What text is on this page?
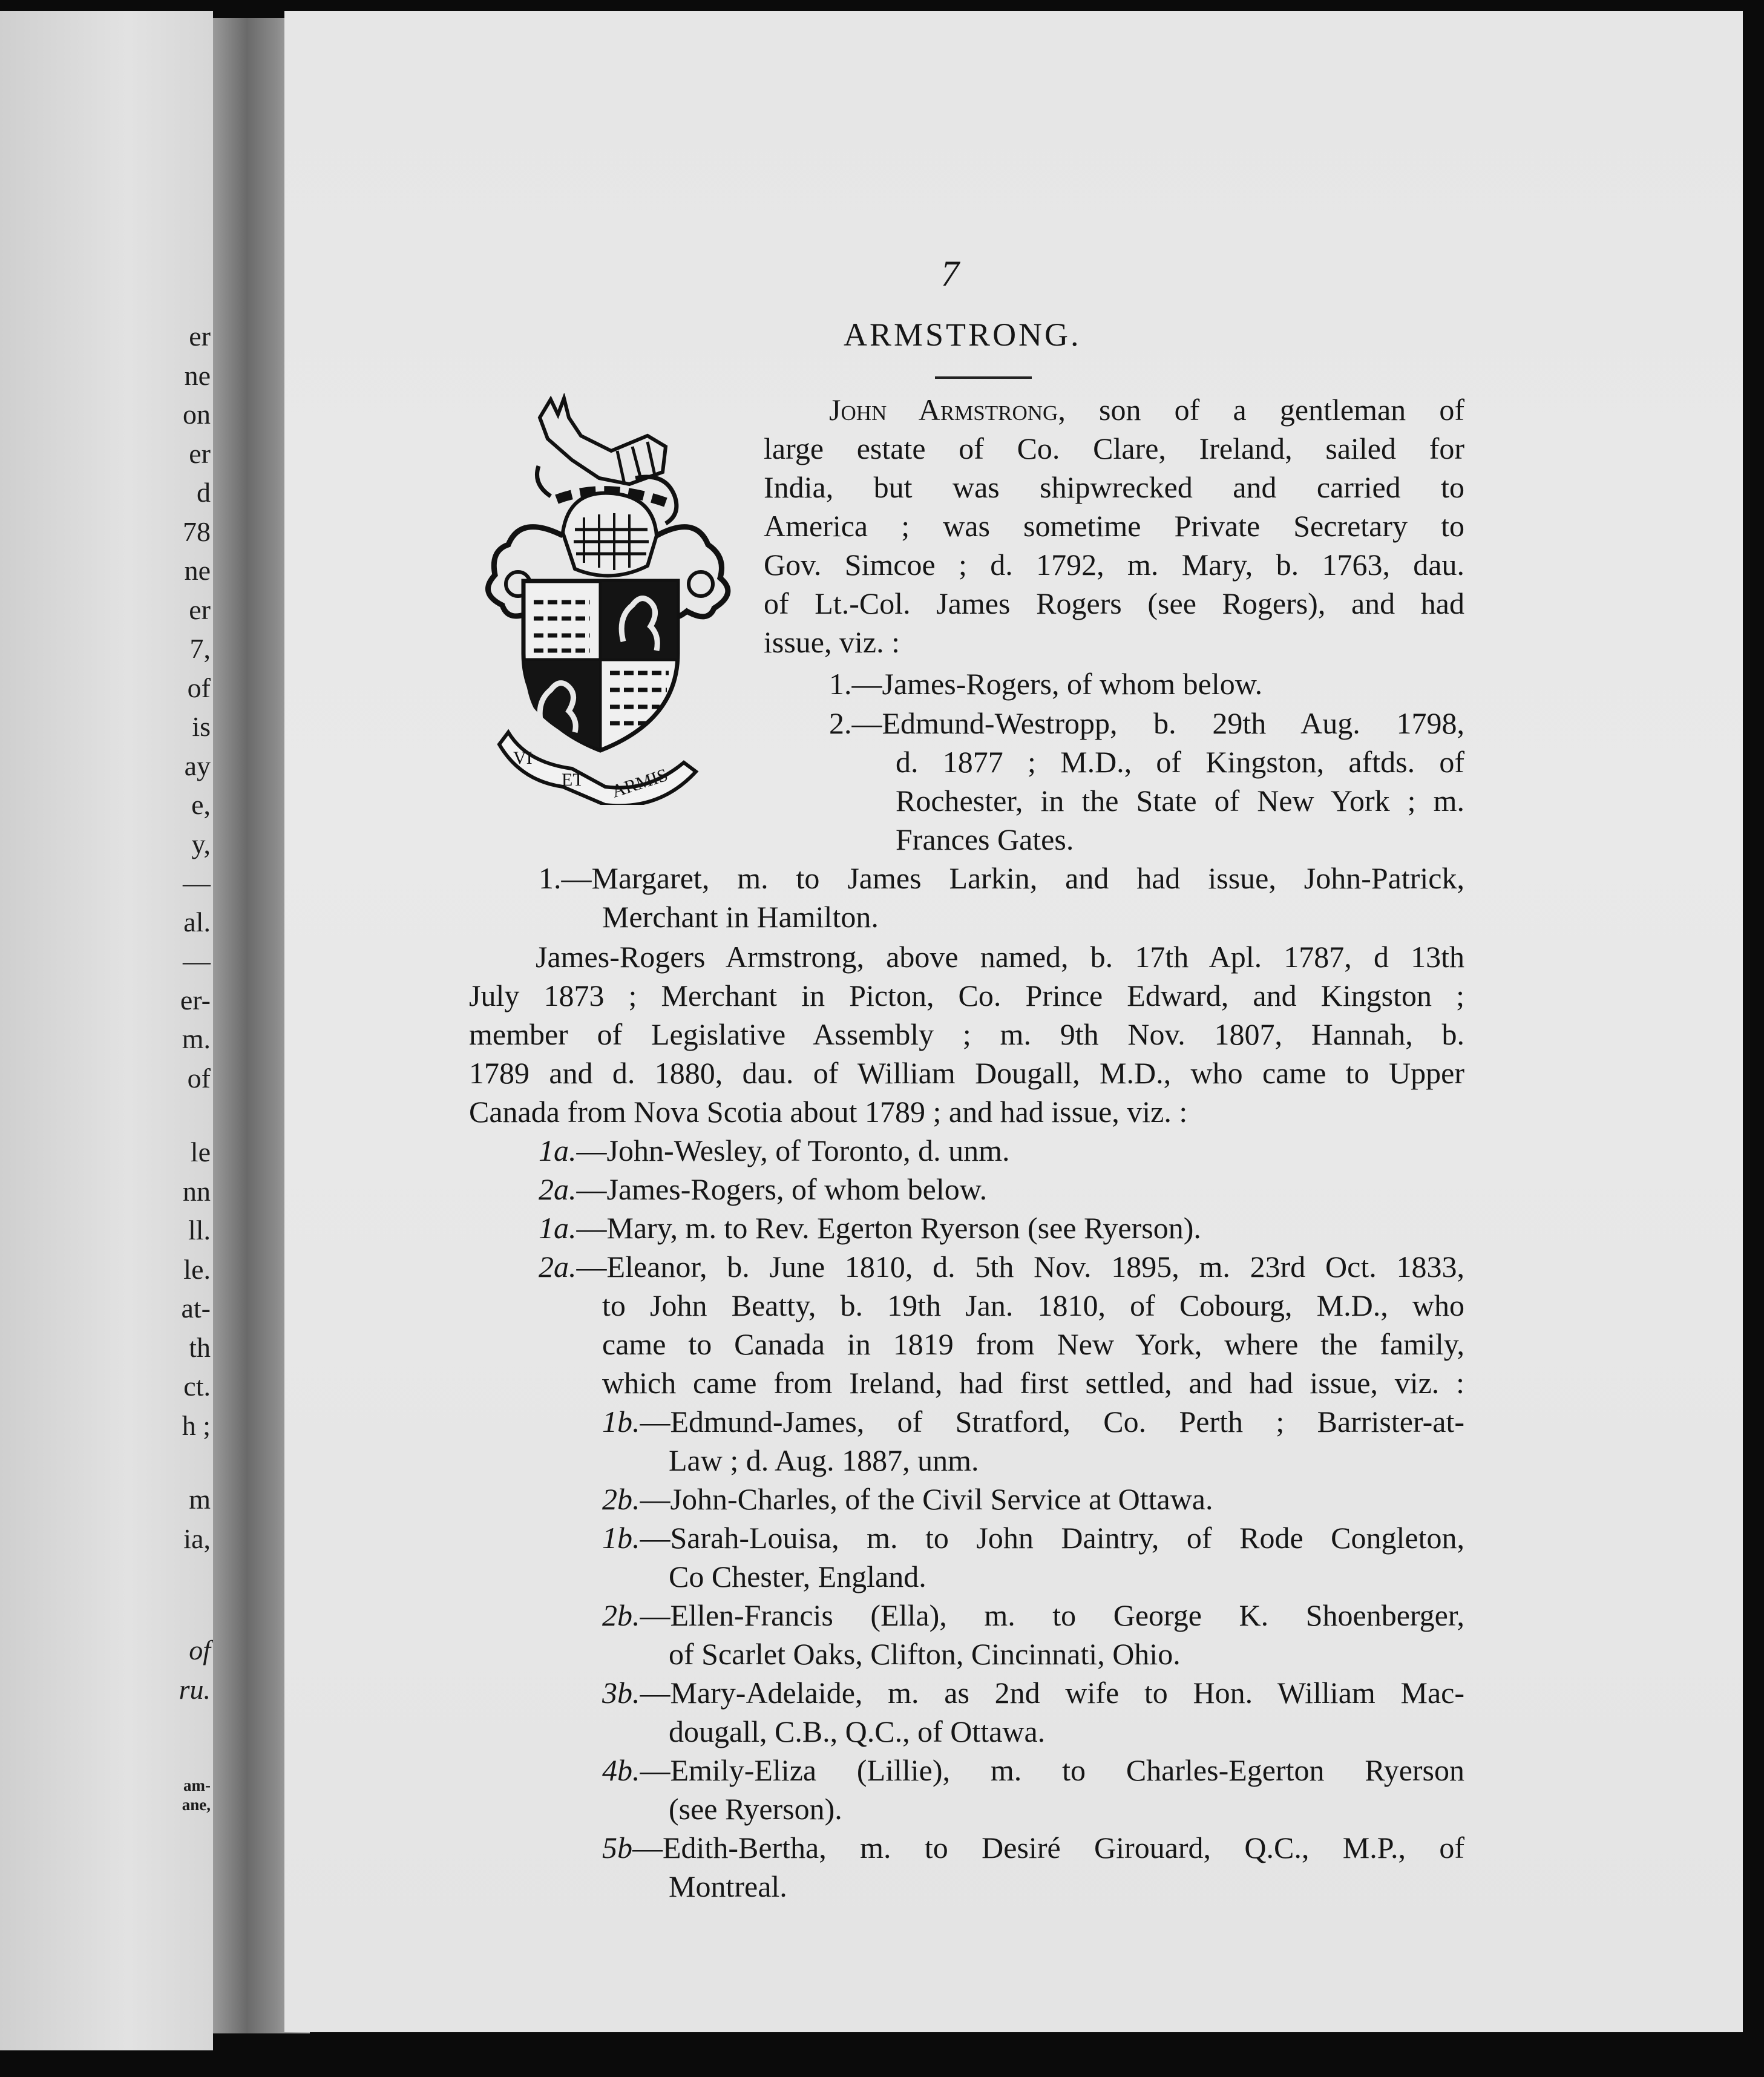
er
ne
on
er
d
78
ne
er
7,
of
is
ay
e,
y,
—
al.
—
er-
m.
of
le
nn
ll.
le.
at-
th
ct.
h ;
m
ia,
of
ru.
am-
ane,
7
ARMSTRONG.
VI
ET ARMIS
John Armstrong, son of a gentleman of
large estate of Co. Clare, Ireland, sailed for
India, but was shipwrecked and carried to
America ; was sometime Private Secretary to
Gov. Simcoe ; d. 1792, m. Mary, b. 1763, dau.
of Lt.-Col. James Rogers (see Rogers), and had
issue, viz. :
1.—James-Rogers, of whom below.
2.—Edmund-Westropp, b. 29th Aug. 1798,
d. 1877 ; M.D., of Kingston, aftds. of
Rochester, in the State of New York ; m.
Frances Gates.
1.—Margaret, m. to James Larkin, and had issue, John-Patrick,
Merchant in Hamilton.
James-Rogers Armstrong, above named, b. 17th Apl. 1787, d 13th
July 1873 ; Merchant in Picton, Co. Prince Edward, and Kingston ;
member of Legislative Assembly ; m. 9th Nov. 1807, Hannah, b.
1789 and d. 1880, dau. of William Dougall, M.D., who came to Upper
Canada from Nova Scotia about 1789 ; and had issue, viz. :
1a.—John-Wesley, of Toronto, d. unm.
2a.—James-Rogers, of whom below.
1a.—Mary, m. to Rev. Egerton Ryerson (see Ryerson).
2a.—Eleanor, b. June 1810, d. 5th Nov. 1895, m. 23rd Oct. 1833,
to John Beatty, b. 19th Jan. 1810, of Cobourg, M.D., who
came to Canada in 1819 from New York, where the family,
which came from Ireland, had first settled, and had issue, viz. :
1b.—Edmund-James, of Stratford, Co. Perth ; Barrister-at-
Law ; d. Aug. 1887, unm.
2b.—John-Charles, of the Civil Service at Ottawa.
1b.—Sarah-Louisa, m. to John Daintry, of Rode Congleton,
Co Chester, England.
2b.—Ellen-Francis (Ella), m. to George K. Shoenberger,
of Scarlet Oaks, Clifton, Cincinnati, Ohio.
3b.—Mary-Adelaide, m. as 2nd wife to Hon. William Mac-
dougall, C.B., Q.C., of Ottawa.
4b.—Emily-Eliza (Lillie), m. to Charles-Egerton Ryerson
(see Ryerson).
5b—Edith-Bertha, m. to Desiré Girouard, Q.C., M.P., of
Montreal.
